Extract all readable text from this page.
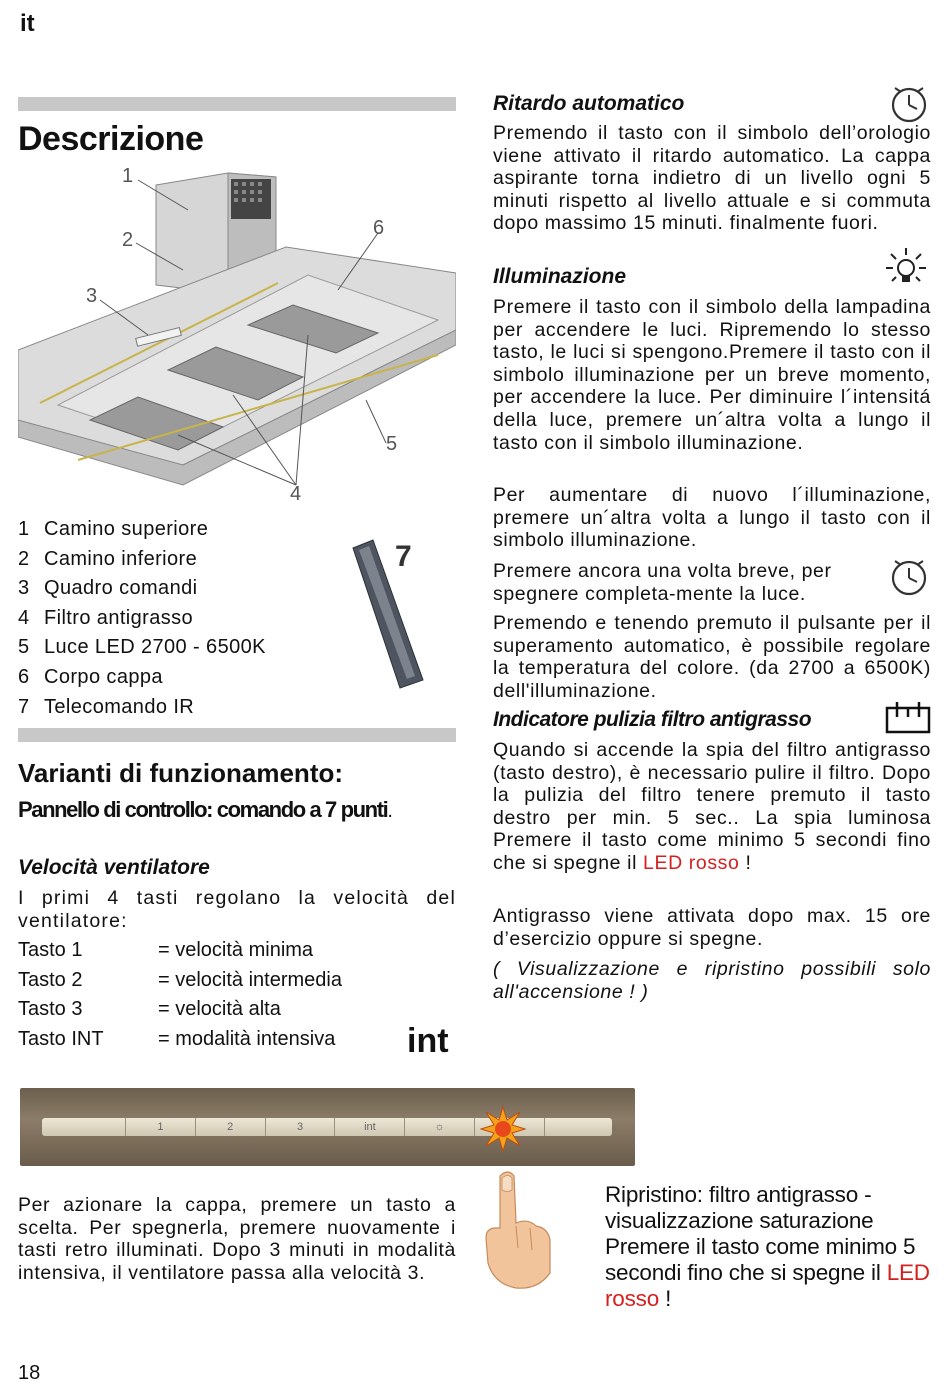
it
Descrizione
1
2
3
6
5
4
1 Camino superiore
2 Camino inferiore
3 Quadro comandi
4 Filtro antigrasso
5 Luce LED 2700 - 6500K
6 Corpo cappa
7 Telecomando IR
7
Varianti di funzionamento:
Pannello di controllo: comando a 7 punti.
Velocità ventilatore
I primi 4 tasti regolano la velocità del ventilatore:
Tasto 1	= velocità minima
Tasto 2	= velocità intermedia
Tasto 3	= velocità alta
Tasto INT	= modalità intensiva	int
1	2	3	int	☼
Per azionare la cappa, premere un tasto a scelta. Per spegnerla, premere nuovamente i tasti retro illuminati. Dopo 3 minuti in modalità intensiva, il ventilatore passa alla velocità 3.
Ripristino: filtro antigrasso - visualizzazione saturazione Premere il tasto come minimo 5 secondi fino che si spegne il LED rosso !
Ritardo automatico
Premendo il tasto con il simbolo dell’orologio viene attivato il ritardo automatico. La cappa aspirante torna indietro di un livello ogni 5 minuti rispetto al livello attuale e si commuta dopo massimo 15 minuti. finalmente fuori.
Illuminazione
Premere il tasto con il simbolo della lampadina per accendere le luci. Ripremendo lo stesso tasto, le luci si spengono.Premere il tasto con il simbolo illuminazione per un breve momento, per accendere la luce. Per diminuire l´intensitá della luce, premere un´altra volta a lungo il tasto con il simbolo illuminazione.
Per aumentare di nuovo l´illuminazione, premere un´altra volta a lungo il tasto con il simbolo illuminazione.
Premere ancora una volta breve, per spegnere completa-mente la luce.
Premendo e tenendo premuto il pulsante per il superamento automatico, è possibile regolare la temperatura del colore. (da 2700 a 6500K) dell'illuminazione.
Indicatore pulizia filtro antigrasso
Quando si accende la spia del filtro antigrasso (tasto destro), è necessario pulire il filtro. Dopo la pulizia del filtro tenere premuto il tasto destro per min. 5 sec.. La spia luminosa Premere il tasto come minimo 5 secondi fino che si spegne il LED rosso !
Antigrasso viene attivata dopo max. 15 ore d’esercizio oppure si spegne.
( Visualizzazione e ripristino possibili solo all'accensione ! )
18
